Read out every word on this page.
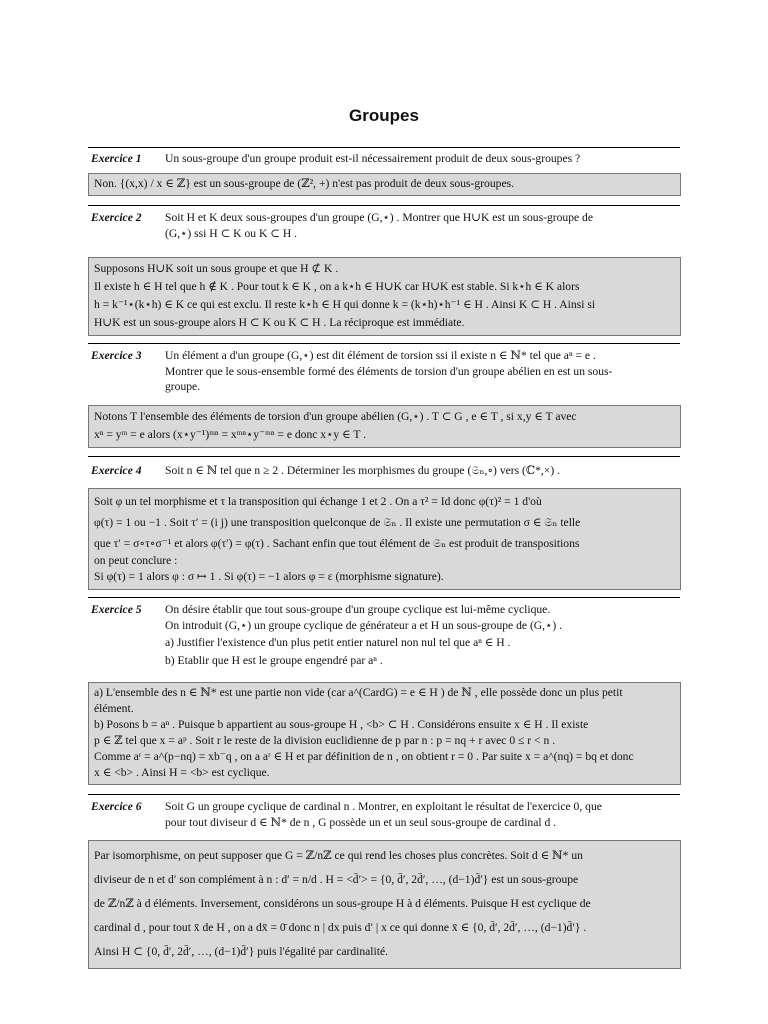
Groupes
Exercice 1 Un sous-groupe d'un groupe produit est-il nécessairement produit de deux sous-groupes ?
Non. {(x,x) / x ∈ ℤ} est un sous-groupe de (ℤ², +) n'est pas produit de deux sous-groupes.
Exercice 2 Soit H et K deux sous-groupes d'un groupe (G,⋆) . Montrer que H∪K est un sous-groupe de
(G,⋆) ssi H ⊂ K ou K ⊂ H .
Supposons H∪K soit un sous groupe et que H ⊄ K .
Il existe h ∈ H tel que h ∉ K . Pour tout k ∈ K , on a k⋆h ∈ H∪K car H∪K est stable. Si k⋆h ∈ K alors
h = k⁻¹⋆(k⋆h) ∈ K ce qui est exclu. Il reste k⋆h ∈ H qui donne k = (k⋆h)⋆h⁻¹ ∈ H . Ainsi K ⊂ H . Ainsi si
H∪K est un sous-groupe alors H ⊂ K ou K ⊂ H . La réciproque est immédiate.
Exercice 3 Un élément a d'un groupe (G,⋆) est dit élément de torsion ssi il existe n ∈ ℕ* tel que aⁿ = e .
Montrer que le sous-ensemble formé des éléments de torsion d'un groupe abélien en est un sous-
groupe.
Notons T l'ensemble des éléments de torsion d'un groupe abélien (G,⋆) . T ⊂ G , e ∈ T , si x,y ∈ T avec
xⁿ = yᵐ = e alors (x⋆y⁻¹)ᵐⁿ = xᵐⁿ⋆y⁻ᵐⁿ = e donc x⋆y ∈ T .
Exercice 4 Soit n ∈ ℕ tel que n ≥ 2 . Déterminer les morphismes du groupe (𝔖ₙ,∘) vers (ℂ*,×) .
Soit φ un tel morphisme et τ la transposition qui échange 1 et 2 . On a τ² = Id donc φ(τ)² = 1 d'où
φ(τ) = 1 ou −1 . Soit τ′ = (i j) une transposition quelconque de 𝔖ₙ . Il existe une permutation σ ∈ 𝔖ₙ telle
que τ′ = σ∘τ∘σ⁻¹ et alors φ(τ′) = φ(τ) . Sachant enfin que tout élément de 𝔖ₙ est produit de transpositions
on peut conclure :
Si φ(τ) = 1 alors φ : σ ↦ 1 . Si φ(τ) = −1 alors φ = ε (morphisme signature).
Exercice 5 On désire établir que tout sous-groupe d'un groupe cyclique est lui-même cyclique.
On introduit (G,⋆) un groupe cyclique de générateur a et H un sous-groupe de (G,⋆) .
a) Justifier l'existence d'un plus petit entier naturel non nul tel que aⁿ ∈ H .
b) Etablir que H est le groupe engendré par aⁿ .
a) L'ensemble des n ∈ ℕ* est une partie non vide (car a^(CardG) = e ∈ H ) de ℕ , elle possède donc un plus petit
élément.
b) Posons b = aⁿ . Puisque b appartient au sous-groupe H , <b> ⊂ H . Considérons ensuite x ∈ H . Il existe
p ∈ ℤ tel que x = aᵖ . Soit r le reste de la division euclidienne de p par n : p = nq + r avec 0 ≤ r < n .
Comme aʳ = a^(p−nq) = xb⁻q , on a aʳ ∈ H et par définition de n , on obtient r = 0 . Par suite x = a^(nq) = bq et donc
x ∈ <b> . Ainsi H = <b> est cyclique.
Exercice 6 Soit G un groupe cyclique de cardinal n . Montrer, en exploitant le résultat de l'exercice 0, que
pour tout diviseur d ∈ ℕ* de n , G possède un et un seul sous-groupe de cardinal d .
Par isomorphisme, on peut supposer que G = ℤ/nℤ ce qui rend les choses plus concrètes. Soit d ∈ ℕ* un
diviseur de n et d′ son complément à n : d′ = n/d . H = <d̄′> = {0, d̄′, 2d̄′, …, (d−1)d̄′} est un sous-groupe
de ℤ/nℤ à d éléments. Inversement, considérons un sous-groupe H à d éléments. Puisque H est cyclique de
cardinal d , pour tout x̄ de H , on a dx̄ = 0̄ donc n | dx puis d′ | x ce qui donne x̄ ∈ {0, d̄′, 2d̄′, …, (d−1)d̄′} .
Ainsi H ⊂ {0, d̄′, 2d̄′, …, (d−1)d̄′} puis l'égalité par cardinalité.
